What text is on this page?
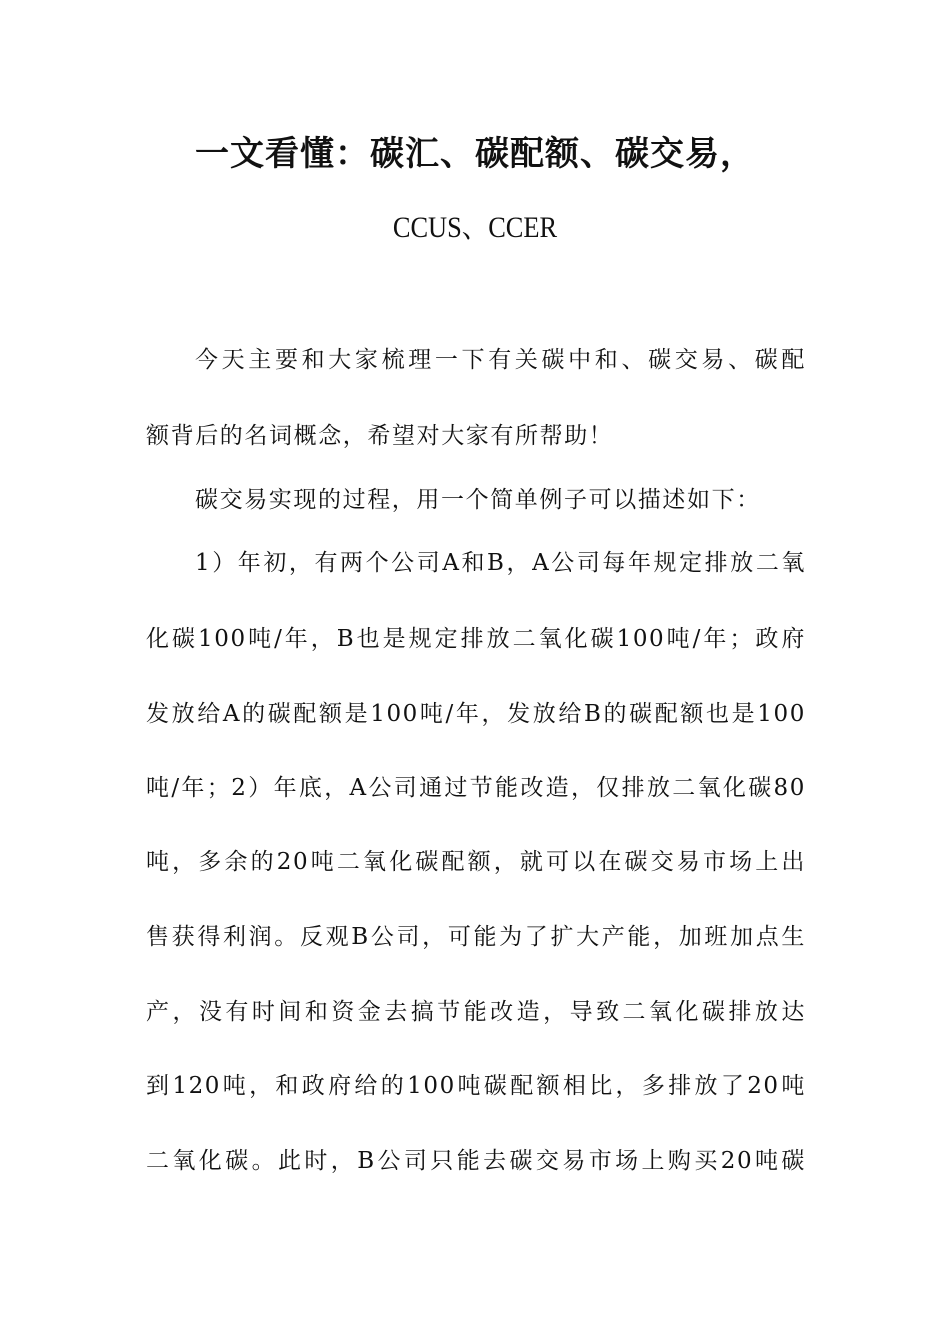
一文看懂：碳汇、碳配额、碳交易，
CCUS、CCER
今天主要和大家梳理一下有关碳中和、碳交易、碳配
额背后的名词概念，希望对大家有所帮助！
碳交易实现的过程，用一个简单例子可以描述如下：
1）年初，有两个公司A和B，A公司每年规定排放二氧
化碳100吨/年，B也是规定排放二氧化碳100吨/年；政府
发放给A的碳配额是100吨/年，发放给B的碳配额也是100
吨/年；2）年底，A公司通过节能改造，仅排放二氧化碳80
吨，多余的20吨二氧化碳配额，就可以在碳交易市场上出
售获得利润。反观B公司，可能为了扩大产能，加班加点生
产，没有时间和资金去搞节能改造，导致二氧化碳排放达
到120吨，和政府给的100吨碳配额相比，多排放了20吨
二氧化碳。此时，B公司只能去碳交易市场上购买20吨碳
